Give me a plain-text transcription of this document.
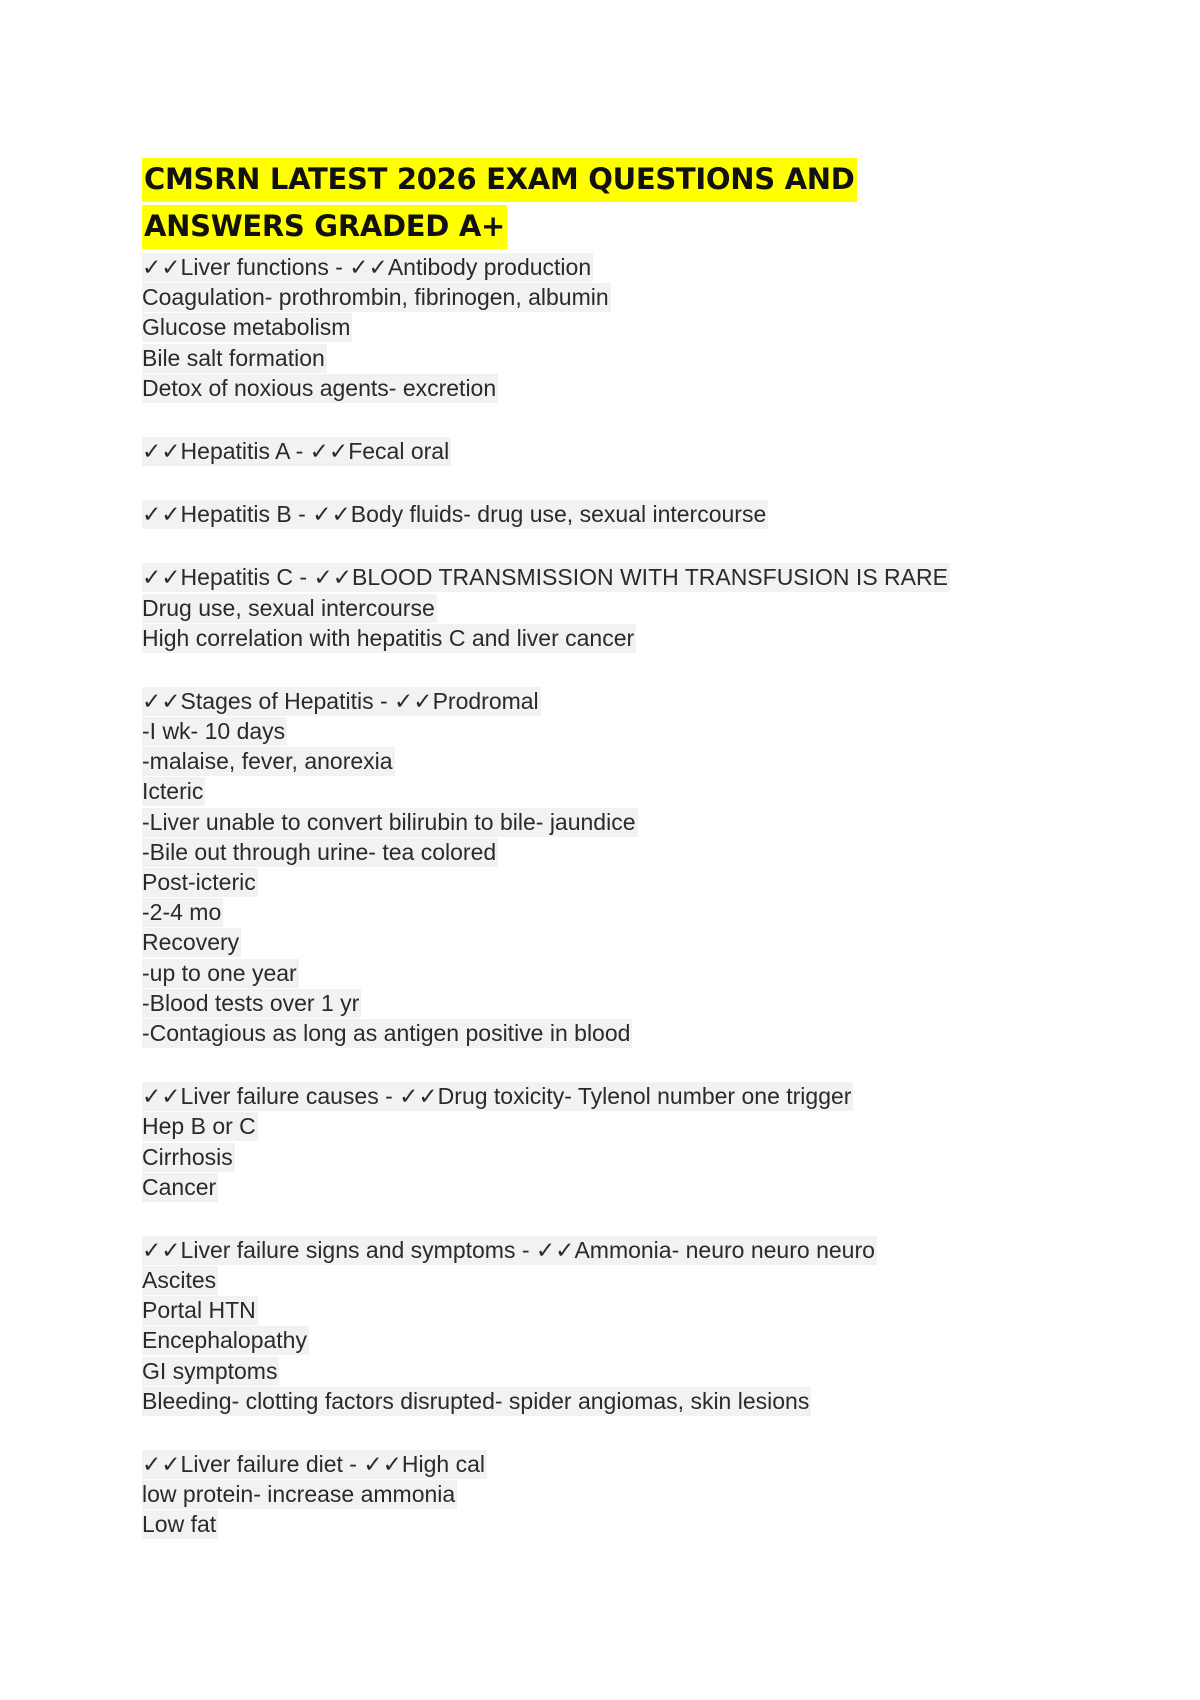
CMSRN LATEST 2026 EXAM QUESTIONS AND ANSWERS GRADED A+
✓✓Liver functions - ✓✓Antibody production
Coagulation- prothrombin, fibrinogen, albumin
Glucose metabolism
Bile salt formation
Detox of noxious agents- excretion
✓✓Hepatitis A - ✓✓Fecal oral
✓✓Hepatitis B - ✓✓Body fluids- drug use, sexual intercourse
✓✓Hepatitis C - ✓✓BLOOD TRANSMISSION WITH TRANSFUSION IS RARE
Drug use, sexual intercourse
High correlation with hepatitis C and liver cancer
✓✓Stages of Hepatitis - ✓✓Prodromal
-I wk- 10 days
-malaise, fever, anorexia
Icteric
-Liver unable to convert bilirubin to bile- jaundice
-Bile out through urine- tea colored
Post-icteric
-2-4 mo
Recovery
-up to one year
-Blood tests over 1 yr
-Contagious as long as antigen positive in blood
✓✓Liver failure causes - ✓✓Drug toxicity- Tylenol number one trigger
Hep B or C
Cirrhosis
Cancer
✓✓Liver failure signs and symptoms - ✓✓Ammonia- neuro neuro neuro
Ascites
Portal HTN
Encephalopathy
GI symptoms
Bleeding- clotting factors disrupted- spider angiomas, skin lesions
✓✓Liver failure diet - ✓✓High cal
low protein- increase ammonia
Low fat
